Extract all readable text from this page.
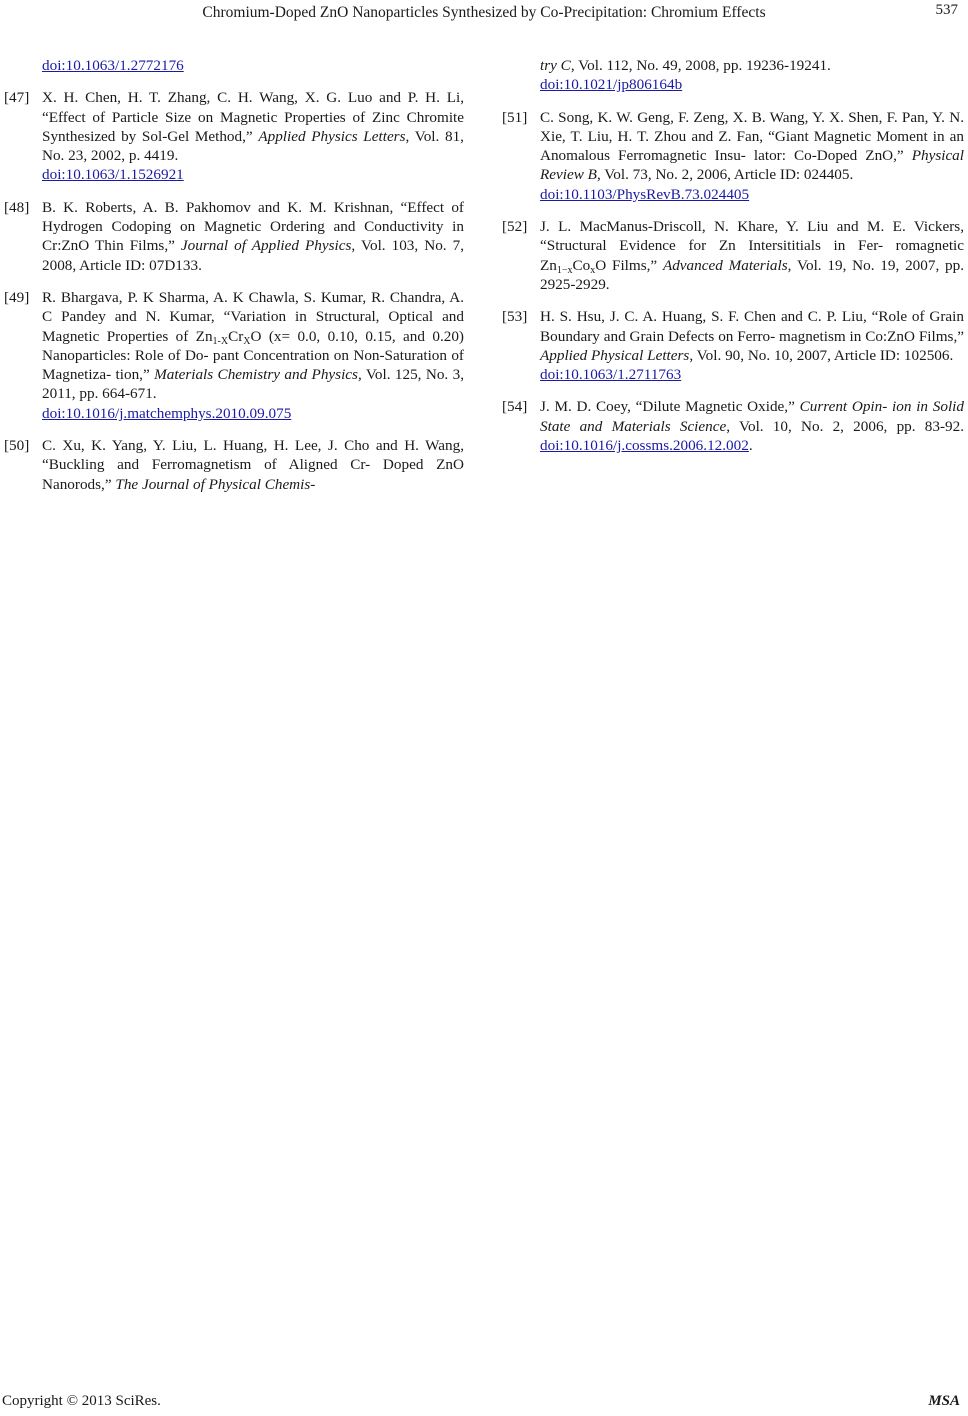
Chromium-Doped ZnO Nanoparticles Synthesized by Co-Precipitation: Chromium Effects	537
doi:10.1063/1.2772176
[47] X. H. Chen, H. T. Zhang, C. H. Wang, X. G. Luo and P. H. Li, “Effect of Particle Size on Magnetic Properties of Zinc Chromite Synthesized by Sol-Gel Method,” Applied Physics Letters, Vol. 81, No. 23, 2002, p. 4419.
doi:10.1063/1.1526921
[48] B. K. Roberts, A. B. Pakhomov and K. M. Krishnan, “Effect of Hydrogen Codoping on Magnetic Ordering and Conductivity in Cr:ZnO Thin Films,” Journal of Applied Physics, Vol. 103, No. 7, 2008, Article ID: 07D133.
[49] R. Bhargava, P. K Sharma, A. K Chawla, S. Kumar, R. Chandra, A. C Pandey and N. Kumar, “Variation in Structural, Optical and Magnetic Properties of $Zn_{1-X}Cr_XO$ (x= 0.0, 0.10, 0.15, and 0.20) Nanoparticles: Role of Do- pant Concentration on Non-Saturation of Magnetiza- tion,” Materials Chemistry and Physics, Vol. 125, No. 3, 2011, pp. 664-671.
doi:10.1016/j.matchemphys.2010.09.075
[50] C. Xu, K. Yang, Y. Liu, L. Huang, H. Lee, J. Cho and H. Wang, “Buckling and Ferromagnetism of Aligned Cr- Doped ZnO Nanorods,” The Journal of Physical Chemis-
try C, Vol. 112, No. 49, 2008, pp. 19236-19241.
doi:10.1021/jp806164b
[51] C. Song, K. W. Geng, F. Zeng, X. B. Wang, Y. X. Shen, F. Pan, Y. N. Xie, T. Liu, H. T. Zhou and Z. Fan, “Giant Magnetic Moment in an Anomalous Ferromagnetic Insu- lator: Co-Doped ZnO,” Physical Review B, Vol. 73, No. 2, 2006, Article ID: 024405.
doi:10.1103/PhysRevB.73.024405
[52] J. L. MacManus-Driscoll, N. Khare, Y. Liu and M. E. Vickers, “Structural Evidence for Zn Intersititials in Fer- romagnetic $Zn_{1-x}Co_xO$ Films,” Advanced Materials, Vol. 19, No. 19, 2007, pp. 2925-2929.
[53] H. S. Hsu, J. C. A. Huang, S. F. Chen and C. P. Liu, “Role of Grain Boundary and Grain Defects on Ferro- magnetism in Co:ZnO Films,” Applied Physical Letters, Vol. 90, No. 10, 2007, Article ID: 102506.
doi:10.1063/1.2711763
[54] J. M. D. Coey, “Dilute Magnetic Oxide,” Current Opin- ion in Solid State and Materials Science, Vol. 10, No. 2, 2006, pp. 83-92. doi:10.1016/j.cossms.2006.12.002.
Copyright © 2013 SciRes.	MSA
